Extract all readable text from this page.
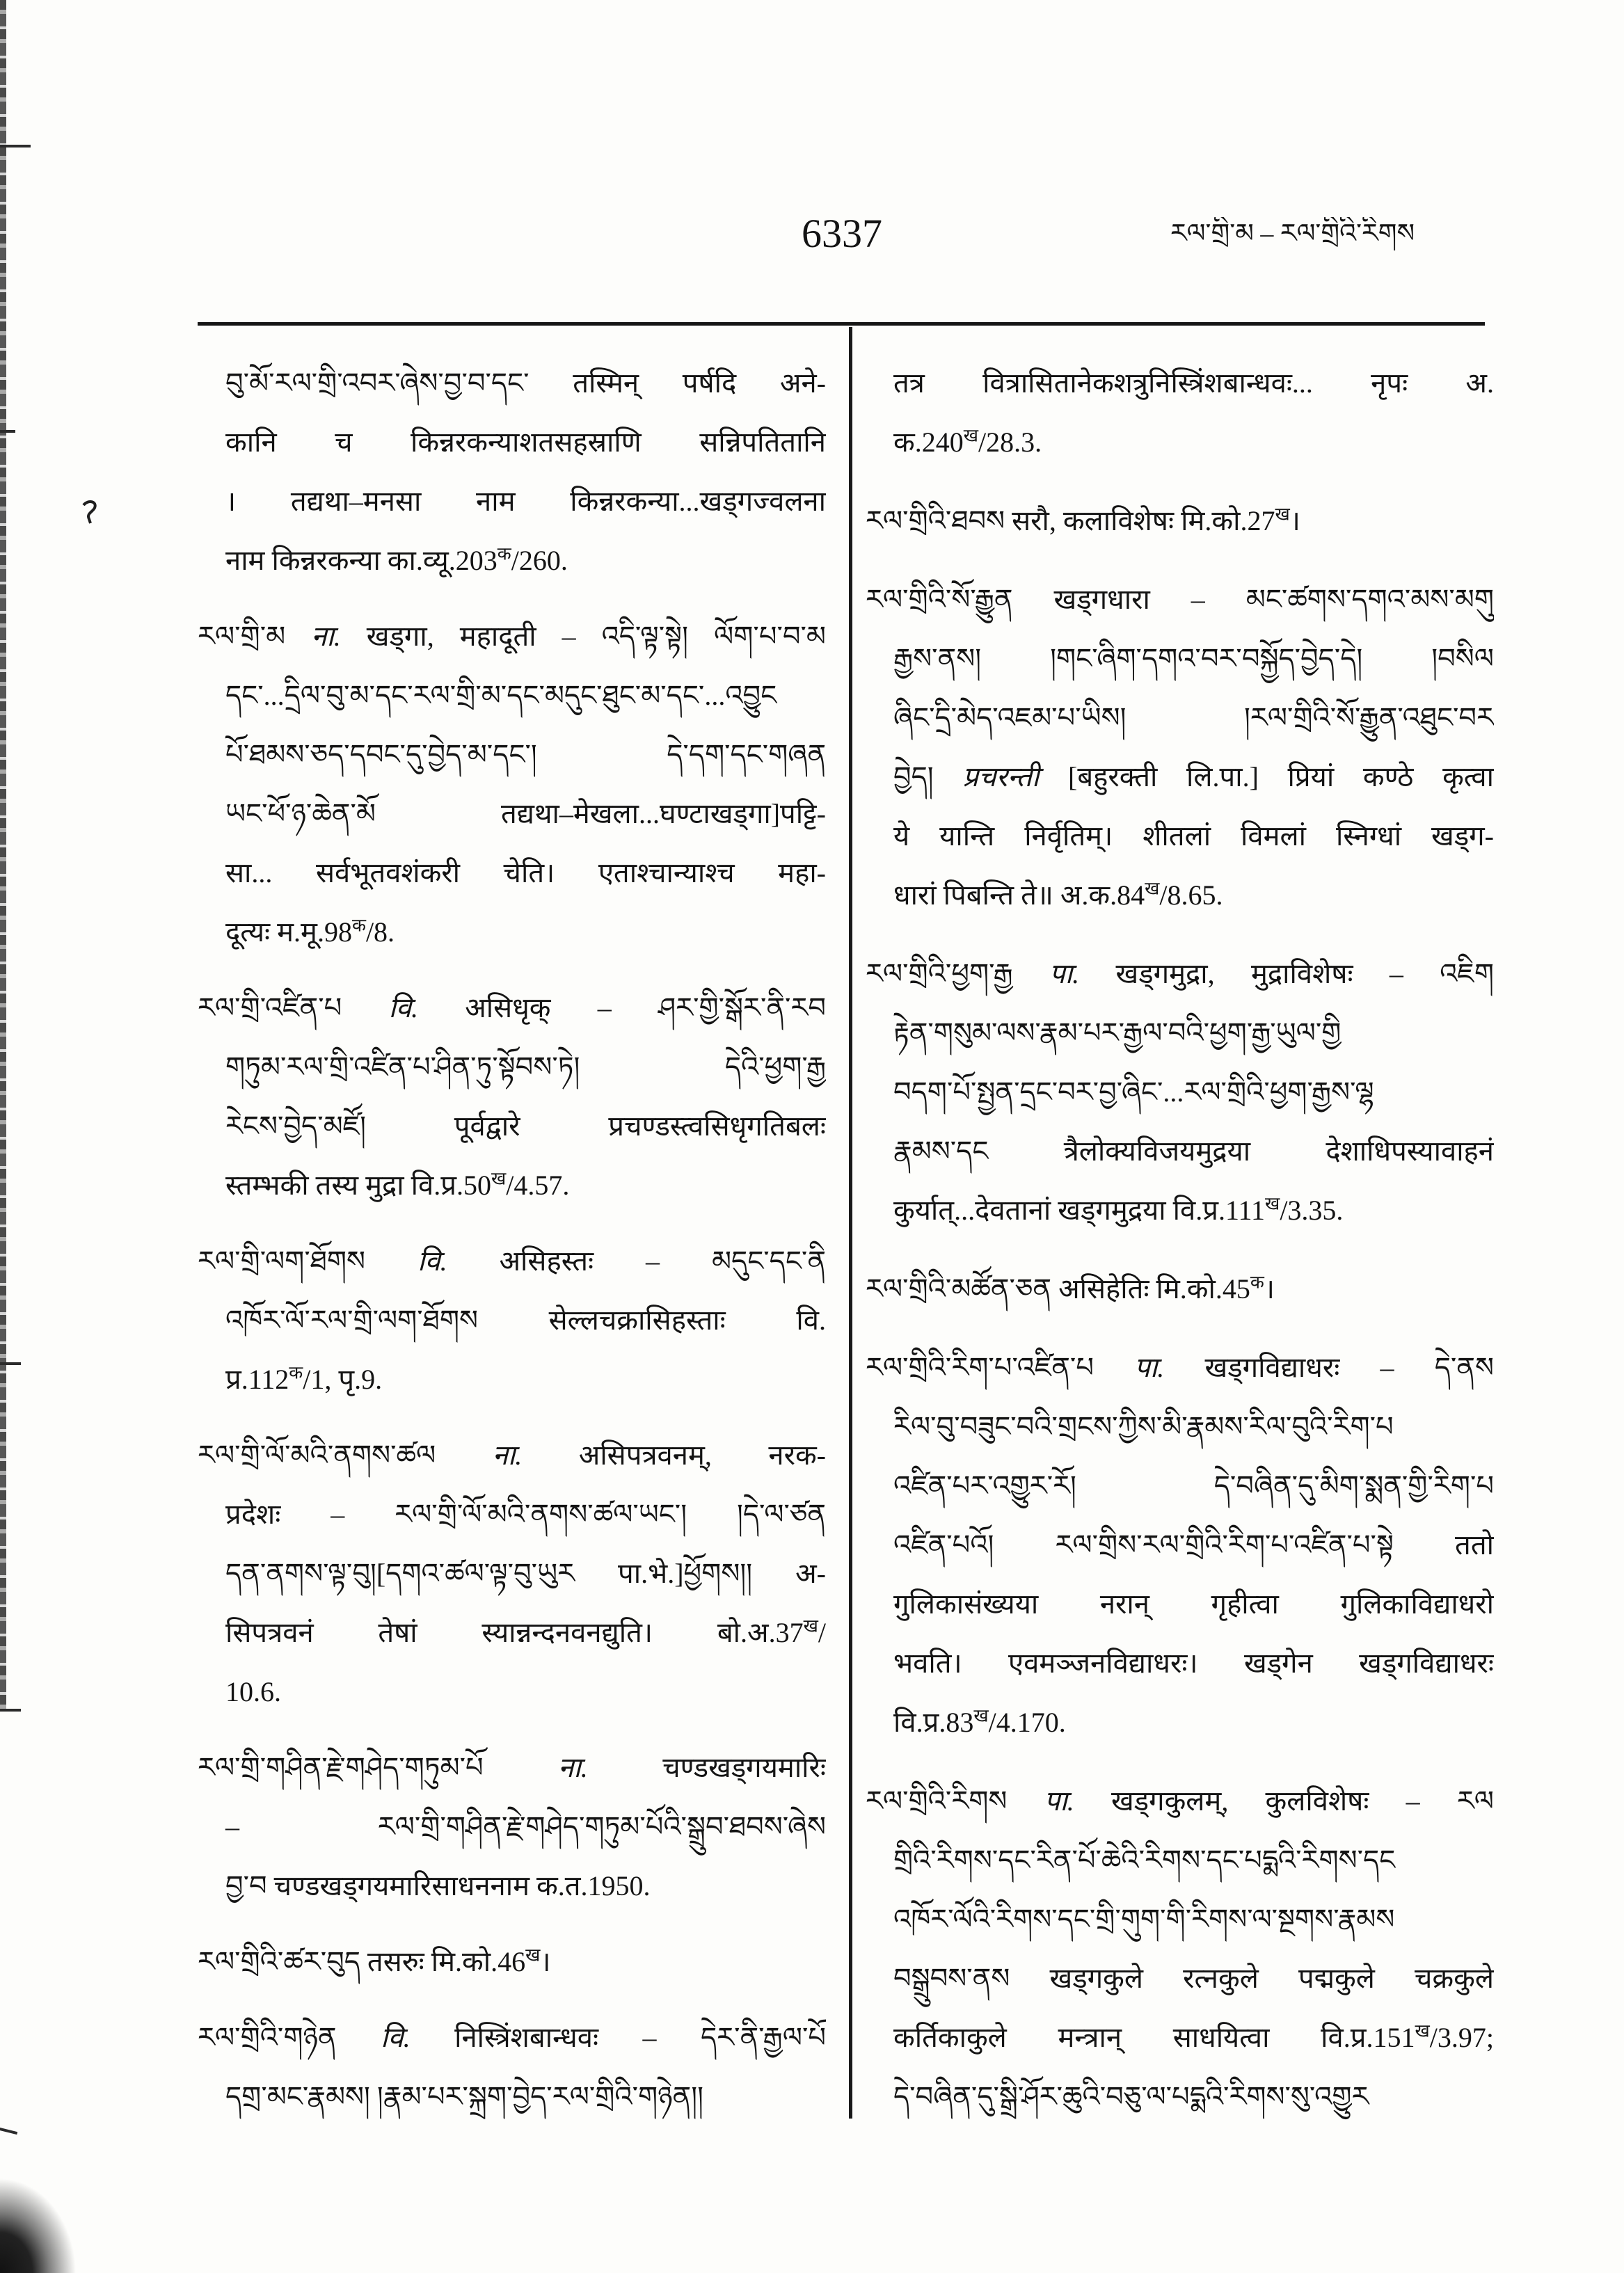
6337	རལ་གྲི་མ – རལ་གྲིའི་རིགས
བུ་མོ་རལ་གྲི་འབར་ཞེས་བྱ་བ་དང་ तस्मिन् पर्षदि अने-
कानि च किन्नरकन्याशतसहस्राणि सन्निपतितानि
। तद्यथा–मनसा नाम किन्नरकन्या...खड्गज्वलना
नाम किन्नरकन्या $का.व्यू.203^क/260$.
རལ་གྲི་མ ना. खड्गा, महादूती – འདི་ལྟ་སྟེ། ལོག་པ་བ་མ
དང་...དྲིལ་བུ་མ་དང་རལ་གྲི་མ་དང་མདུང་ཐུང་མ་དང་...འབྱུང
པོ་ཐམས་ཅད་དབང་དུ་བྱེད་མ་དང་། དེ་དག་དང་གཞན
ཡང་ཕོ་ཉ་ཆེན་མོ तद्यथा–मेखला...घण्टाखड्गा]पट्टि-
सा... सर्वभूतवशंकरी चेति। एताश्चान्याश्च महा-
दूत्यः $म.मू.98^क/8$.
རལ་གྲི་འཛིན་པ वि. असिधृक् – ཤར་གྱི་སྒོར་ནི་རབ
གཏུམ་རལ་གྲི་འཛིན་པ་ཤིན་ཏུ་སྟོབས་ཏེ། དེའི་ཕྱག་རྒྱ
རེངས་བྱེད་མཛོ། पूर्वद्वारे प्रचण्डस्त्वसिधृगतिबलः
स्तम्भकी तस्य मुद्रा $वि.प्र.50^ख/4.57$.
རལ་གྲི་ལག་ཐོགས वि. असिहस्तः – མདུང་དང་ནི
འཁོར་ལོ་རལ་གྲི་ལག་ཐོགས सेल्लचक्रासिहस्ताः वि.
$प्र.112^क/1$, पृ.9.
རལ་གྲི་ལོ་མའི་ནགས་ཚལ ना. असिपत्रवनम्, नरक-
प्रदेशः – རལ་གྲི་ལོ་མའི་ནགས་ཚལ་ཡང་། །དེ་ལ་ཙན
དན་ནགས་ལྟ་བུ།[དགའ་ཚལ་ལྟ་བུ་ཡུར पा.भे.]ཕྱོགས།། अ-
सिपत्रवनं तेषां स्यान्नन्दनवनद्युति। $बो.अ.37^ख/$
10.6.
རལ་གྲི་གཤིན་རྗེ་གཤེད་གཏུམ་པོ ना. चण्डखड्गयमारिः
– རལ་གྲི་གཤིན་རྗེ་གཤེད་གཏུམ་པོའི་སྒྲུབ་ཐབས་ཞེས
བྱ་བ चण्डखड्गयमारिसाधननाम क.त.1950.
རལ་གྲིའི་ཚར་བུད तसरुः $मि.को.46^ख।$
རལ་གྲིའི་གཉེན वि. निस्त्रिंशबान्धवः – དེར་ནི་རྒྱལ་པོ
དགྲ་མང་རྣམས། །རྣམ་པར་སྐྲག་བྱེད་རལ་གྲིའི་གཉེན།།
तत्र वित्रासितानेकशत्रुनिस्त्रिंशबान्धवः... नृपः अ.
$क.240^ख/28.3$.
རལ་གྲིའི་ཐབས सरौ, कलाविशेषः $मि.को.27^ख।$
རལ་གྲིའི་སོ་རྒྱུན खड्गधारा – མང་ཚགས་དགའ་མས་མགུ
རྒྱས་ནས། །གང་ཞིག་དགའ་བར་བསྐྱོད་བྱེད་དེ། །བསིལ
ཞིང་དྲི་མེད་འཇམ་པ་ཡིས། །རལ་གྲིའི་སོ་རྒྱུན་འཐུང་བར
བྱེད། प्रचरन्ती [बहुरक्ती लि.पा.] प्रियां कण्ठे कृत्वा
ये यान्ति निर्वृतिम्। शीतलां विमलां स्निग्धां खड्ग-
धारां पिबन्ति ते॥ $अ.क.84^ख/8.65$.
རལ་གྲིའི་ཕྱག་རྒྱ पा. खड्गमुद्रा, मुद्राविशेषः – འཇིག
རྟེན་གསུམ་ལས་རྣམ་པར་རྒྱལ་བའི་ཕྱག་རྒྱ་ཡུལ་གྱི
བདག་པོ་སྤྱན་དྲང་བར་བྱ་ཞིང་...རལ་གྲིའི་ཕྱག་རྒྱས་ལྷ
རྣམས་དང त्रैलोक्यविजयमुद्रया देशाधिपस्यावाहनं
कुर्यात्...देवतानां खड्गमुद्रया $वि.प्र.111^ख/3.35$.
རལ་གྲིའི་མཚོན་ཅན असिहेतिः $मि.को.45^क।$
རལ་གྲིའི་རིག་པ་འཛིན་པ पा. खड्गविद्याधरः – དེ་ནས
རིལ་བུ་བཟུང་བའི་གྲངས་ཀྱིས་མི་རྣམས་རིལ་བུའི་རིག་པ
འཛིན་པར་འགྱུར་རོ། དེ་བཞིན་དུ་མིག་སྨན་གྱི་རིག་པ
འཛིན་པའོ། རལ་གྲིས་རལ་གྲིའི་རིག་པ་འཛིན་པ་སྟེ ततो
गुलिकासंख्यया नरान् गृहीत्वा गुलिकाविद्याधरो
भवति। एवमञ्जनविद्याधरः। खड्गेन खड्गविद्याधरः
$वि.प्र.83^ख/4.170$.
རལ་གྲིའི་རིགས पा. खड्गकुलम्, कुलविशेषः – རལ
གྲིའི་རིགས་དང་རིན་པོ་ཆེའི་རིགས་དང་པདྨའི་རིགས་དང
འཁོར་ལོའི་རིགས་དང་གྲི་གུག་གི་རིགས་ལ་སྔགས་རྣམས
བསྒྲུབས་ནས खड्गकुले रत्नकुले पद्मकुले चक्रकुले
कर्तिकाकुले मन्त्रान् साधयित्वा $वि.प्र.151^ख/3.97$;
དེ་བཞིན་དུ་སྒྲི་ཤོར་ཆུའི་བཅུ་ལ་པདྨའི་རིགས་སུ་འགྱུར
